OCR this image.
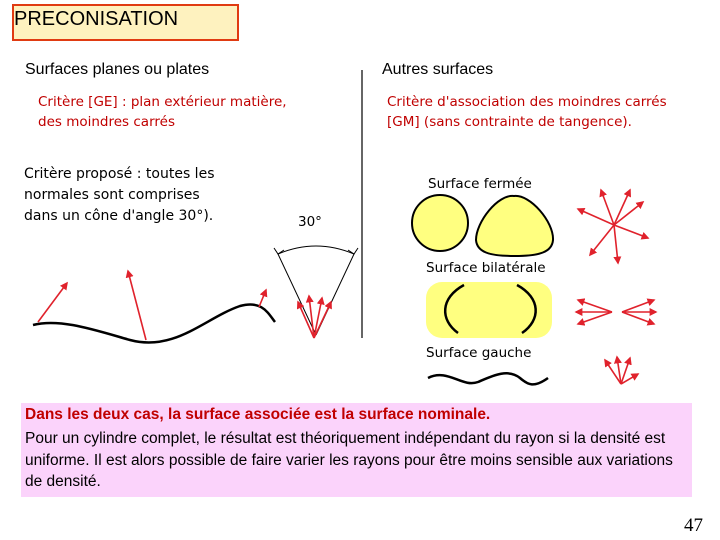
PRECONISATION
Surfaces planes ou plates
Critère [GE] : plan extérieur matière,
des moindres carrés
Critère proposé : toutes les
normales sont comprises
dans un cône d'angle 30°).	30°
Autres surfaces
Critère d'association des moindres carrés
[GM] (sans contrainte de tangence).
Surface fermée
Surface bilatérale
Surface gauche
Dans les deux cas, la surface associée est la surface nominale.
Pour un cylindre complet, le résultat est théoriquement indépendant du rayon si la densité est uniforme. Il est alors possible de faire varier les rayons pour être moins sensible aux variations de densité.
47
